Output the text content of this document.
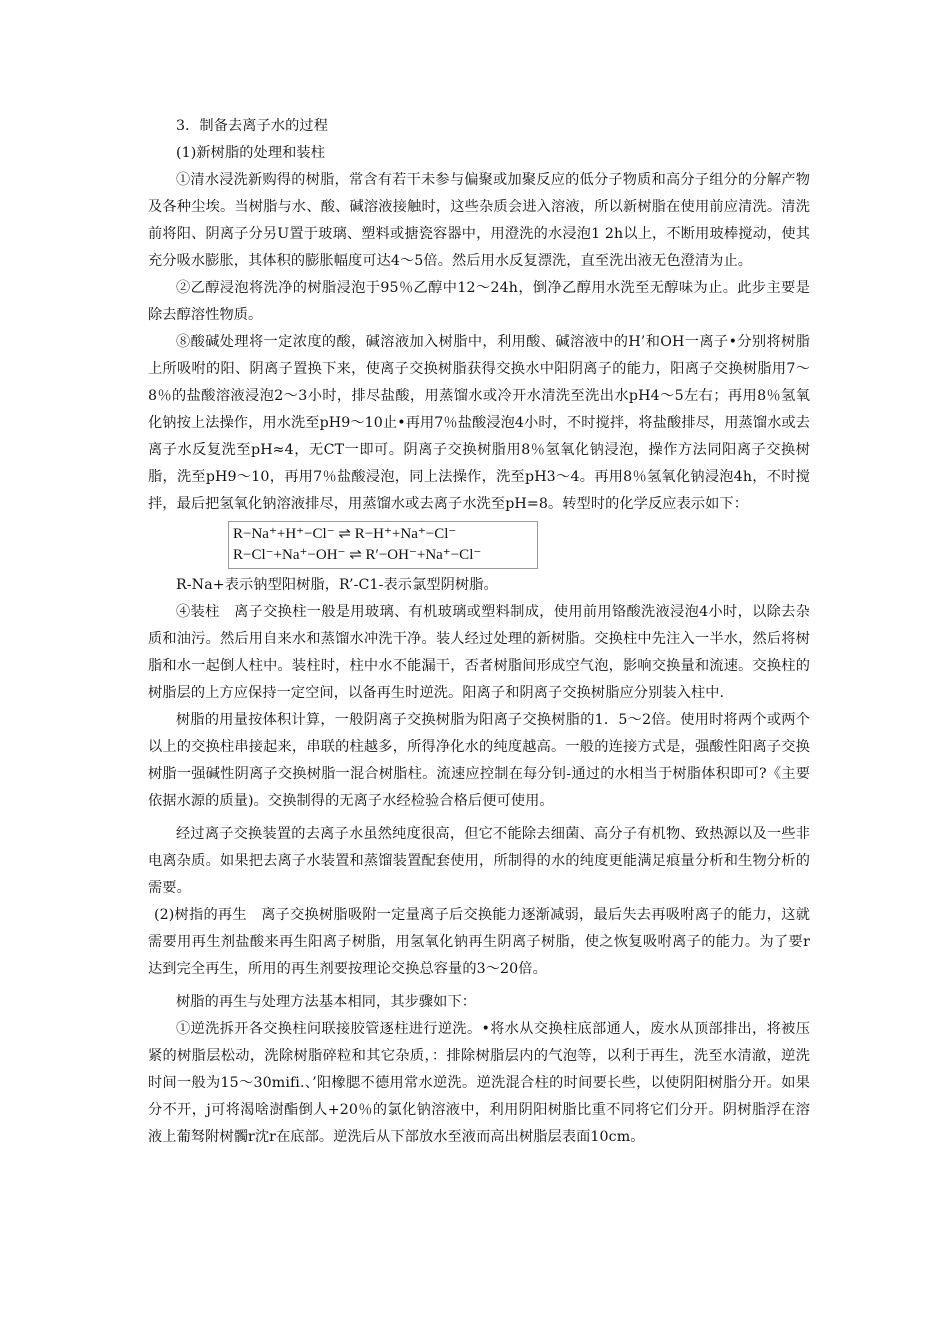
3．制备去离子水的过程

(1)新树脂的处理和装柱

①清水浸洗新购得的树脂，常含有若干未参与偏聚或加聚反应的低分子物质和高分子组分的分解产物及各种尘埃。当树脂与水、酸、碱溶液接触时，这些杂质会进入溶液，所以新树脂在使用前应清洗。清洗前将阳、阴离子分另U置于玻璃、塑料或搪瓷容器中，用澄洗的水浸泡1 2h以上，不断用玻棒搅动，使其充分吸水膨胀，其体积的膨胀幅度可达4～5倍。然后用水反复漂洗，直至洗出液无色澄清为止。

②乙醇浸泡将洗净的树脂浸泡于95％乙醇中12～24h，倒净乙醇用水洗至无醇味为止。此步主要是除去醇溶性物质。

⑧酸碱处理将一定浓度的酸，碱溶液加入树脂中，利用酸、碱溶液中的H’和OH一离子•分别将树脂上所吸咐的阳、阴离子置换下来，使离子交换树脂获得交换水中阳阴离子的能力，阳离子交换树脂用7～8％的盐酸溶液浸泡2～3小时，排尽盐酸，用蒸馏水或冷开水清洗至洗出水pH4～5左右；再用8％氢氧化钠按上法操作，用水洗至pH9～10止•再用7％盐酸浸泡4小时，不时搅拌，将盐酸排尽，用蒸馏水或去离子水反复洗至pH≈4，无CT一即可。阴离子交换树脂用8％氢氧化钠浸泡，操作方法同阳离子交换树脂，洗至pH9～10，再用7％盐酸浸泡，同上法操作，洗至pH3～4。再用8％氢氧化钠浸泡4h，不时搅拌，最后把氢氧化钠溶液排尽，用蒸馏水或去离子水洗至pH=8。转型时的化学反应表示如下：

R−Na⁺+H⁺−Cl⁻ ⇌ R−H⁺+Na⁺−Cl⁻
R−Cl⁻+Na⁺−OH⁻ ⇌ R′−OH⁻+Na⁺−Cl⁻

R-Na+表示钠型阳树脂，R’-C1-表示氯型阴树脂。

④装柱　离子交换柱一般是用玻璃、有机玻璃或塑料制成，使用前用铬酸洗液浸泡4小时，以除去杂质和油污。然后用自来水和蒸馏水冲洗干净。装人经过处理的新树脂。交换柱中先注入一半水，然后将树脂和水一起倒人柱中。装柱时，柱中水不能漏干，否者树脂间形成空气泡，影响交换量和流速。交换柱的树脂层的上方应保持一定空间，以备再生时逆洗。阳离子和阴离子交换树脂应分别装入柱中.

树脂的用量按体积计算，一般阴离子交换树脂为阳离子交换树脂的1．5～2倍。使用时将两个或两个以上的交换柱串接起来，串联的柱越多，所得净化水的纯度越高。一般的连接方式是，强酸性阳离子交换树脂一强碱性阴离子交换树脂一混合树脂柱。流速应控制在每分钊-通过的水相当于树脂体积即可?《主要依据水源的质量)。交换制得的无离子水经检验合格后便可使用。

经过离子交换装置的去离子水虽然纯度很高，但它不能除去细菌、高分子有机物、致热源以及一些非电离杂质。如果把去离子水装置和蒸馏装置配套使用，所制得的水的纯度更能满足痕量分析和生物分析的需要。

(2)树指的再生　离子交换树脂吸附一定量离子后交换能力逐渐减弱，最后失去再吸咐离子的能力，这就需要用再生剂盐酸来再生阳离子树脂，用氢氧化钠再生阴离子树脂，使之恢复吸咐离子的能力。为了要r达到完全再生，所用的再生剂要按理论交换总容量的3～20倍。

树脂的再生与处理方法基本相同，其步骤如下：

①逆洗拆开各交换柱问联接胶管逐柱进行逆洗。•将水从交换柱底部通人，废水从顶部排出，将被压紧的树脂层松动，洗除树脂碎粒和其它杂质，：排除树脂层内的气泡等，以利于再生，洗至水清澈，逆洗时间一般为15～30mifi.、’阳橡腮不德用常水逆洗。逆洗混合柱的时间要长些，以使阴阳树脂分开。如果分不开，j可将渴啥澍酯倒人+20％的氯化钠溶液中，利用阴阳树脂比重不同将它们分开。阴树脂浮在溶液上葡驽附树髑r沈r在底部。逆洗后从下部放水至液而高出树脂层表面10cm。
